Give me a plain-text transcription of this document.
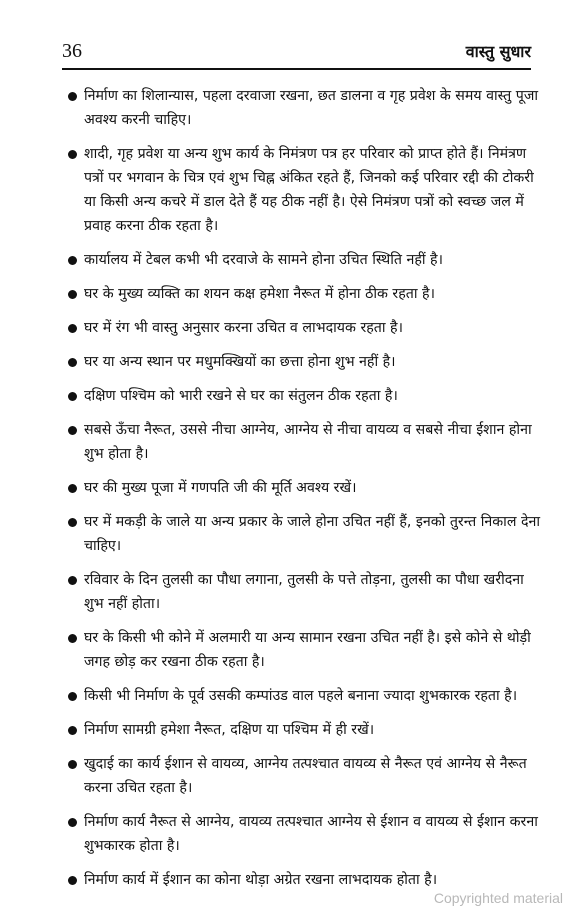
36	वास्तु सुधार
निर्माण का शिलान्यास, पहला दरवाजा रखना, छत डालना व गृह प्रवेश के समय वास्तु पूजा अवश्य करनी चाहिए।
शादी, गृह प्रवेश या अन्य शुभ कार्य के निमंत्रण पत्र हर परिवार को प्राप्त होते हैं। निमंत्रण पत्रों पर भगवान के चित्र एवं शुभ चिह्न अंकित रहते हैं, जिनको कई परिवार रद्दी की टोकरी या किसी अन्य कचरे में डाल देते हैं यह ठीक नहीं है। ऐसे निमंत्रण पत्रों को स्वच्छ जल में प्रवाह करना ठीक रहता है।
कार्यालय में टेबल कभी भी दरवाजे के सामने होना उचित स्थिति नहीं है।
घर के मुख्य व्यक्ति का शयन कक्ष हमेशा नैरूत में होना ठीक रहता है।
घर में रंग भी वास्तु अनुसार करना उचित व लाभदायक रहता है।
घर या अन्य स्थान पर मधुमक्खियों का छत्ता होना शुभ नहीं है।
दक्षिण पश्चिम को भारी रखने से घर का संतुलन ठीक रहता है।
सबसे ऊँचा नैरूत, उससे नीचा आग्नेय, आग्नेय से नीचा वायव्य व सबसे नीचा ईशान होना शुभ होता है।
घर की मुख्य पूजा में गणपति जी की मूर्ति अवश्य रखें।
घर में मकड़ी के जाले या अन्य प्रकार के जाले होना उचित नहीं हैं, इनको तुरन्त निकाल देना चाहिए।
रविवार के दिन तुलसी का पौधा लगाना, तुलसी के पत्ते तोड़ना, तुलसी का पौधा खरीदना शुभ नहीं होता।
घर के किसी भी कोने में अलमारी या अन्य सामान रखना उचित नहीं है। इसे कोने से थोड़ी जगह छोड़ कर रखना ठीक रहता है।
किसी भी निर्माण के पूर्व उसकी कम्पांउड वाल पहले बनाना ज्यादा शुभकारक रहता है।
निर्माण सामग्री हमेशा नैरूत, दक्षिण या पश्चिम में ही रखें।
खुदाई का कार्य ईशान से वायव्य, आग्नेय तत्पश्चात वायव्य से नैरूत एवं आग्नेय से नैरूत करना उचित रहता है।
निर्माण कार्य नैरूत से आग्नेय, वायव्य तत्पश्चात आग्नेय से ईशान व वायव्य से ईशान करना शुभकारक होता है।
निर्माण कार्य में ईशान का कोना थोड़ा अग्रेत रखना लाभदायक होता है।
Copyrighted material
